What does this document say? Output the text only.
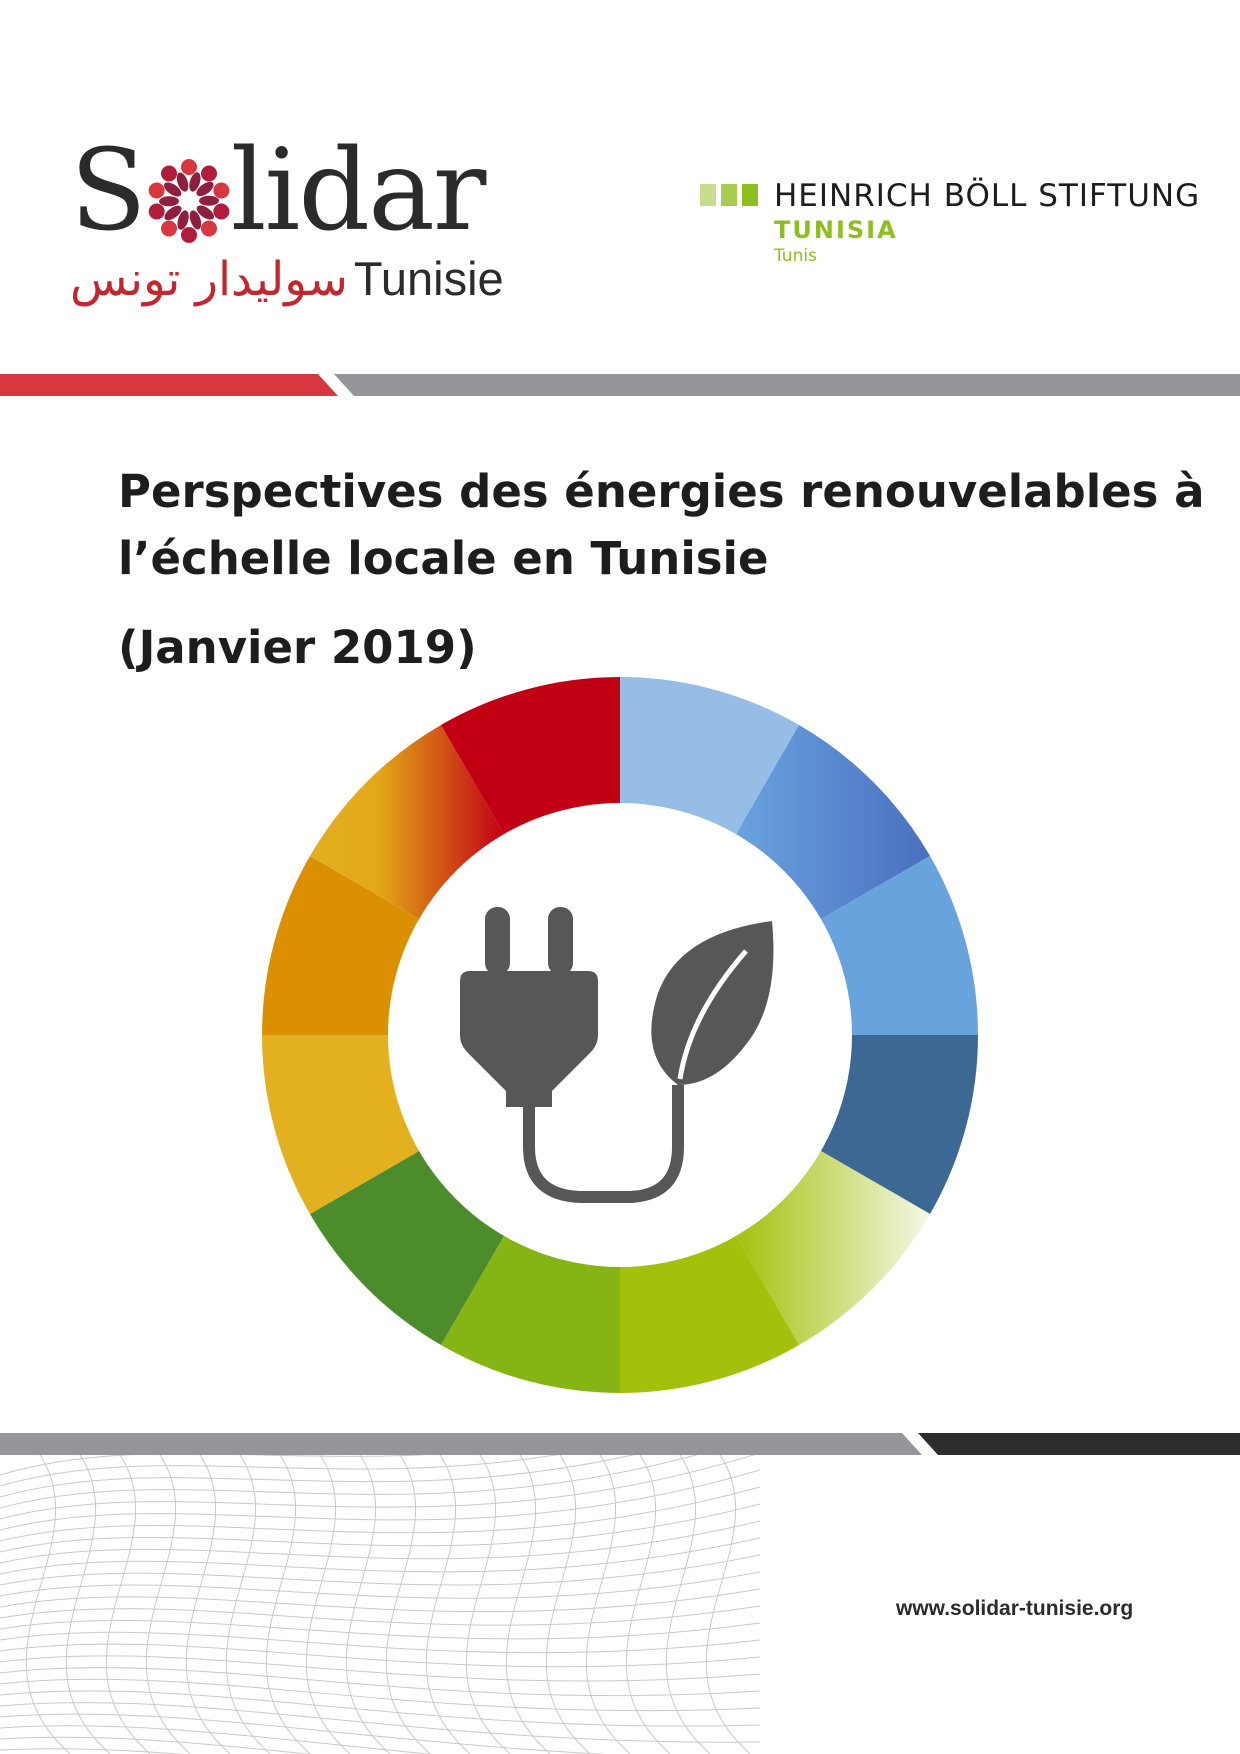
S lidar
سوليدار تونس Tunisie
HEINRICH BÖLL STIFTUNG
TUNISIA
Tunis
Perspectives des énergies renouvelables à
l’échelle locale en Tunisie
(Janvier 2019)
www.solidar-tunisie.org
